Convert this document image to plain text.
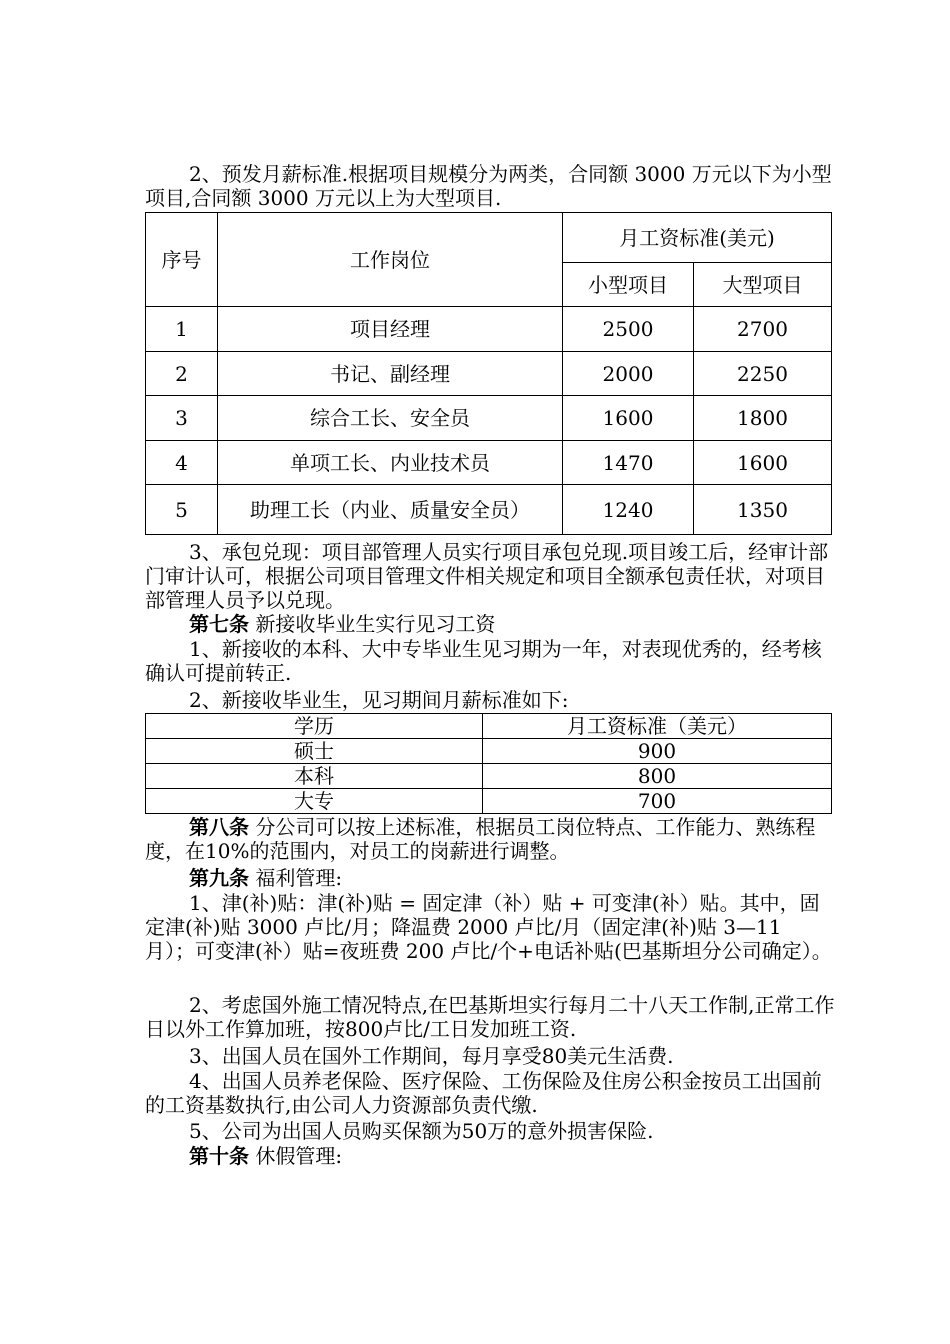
2、预发月薪标准.根据项目规模分为两类，合同额 3000 万元以下为小型项目,合同额 3000 万元以上为大型项目.

序号	工作岗位	月工资标准(美元)	
		小型项目	大型项目
1	项目经理	2500	2700
2	书记、副经理	2000	2250
3	综合工长、安全员	1600	1800
4	单项工长、内业技术员	1470	1600
5	助理工长（内业、质量安全员）	1240	1350

3、承包兑现：项目部管理人员实行项目承包兑现.项目竣工后，经审计部门审计认可，根据公司项目管理文件相关规定和项目全额承包责任状，对项目部管理人员予以兑现。

第七条 新接收毕业生实行见习工资

1、新接收的本科、大中专毕业生见习期为一年，对表现优秀的，经考核确认可提前转正.

2、新接收毕业生，见习期间月薪标准如下:

学历	月工资标准（美元）
硕士	900
本科	800
大专	700

第八条 分公司可以按上述标准，根据员工岗位特点、工作能力、熟练程度，在10%的范围内，对员工的岗薪进行调整。

第九条 福利管理:

1、津(补)贴：津(补)贴 = 固定津（补）贴 + 可变津(补）贴。其中，固定津(补)贴 3000 卢比/月；降温费 2000 卢比/月（固定津(补)贴 3—11 月）；可变津(补）贴=夜班费 200 卢比/个+电话补贴(巴基斯坦分公司确定）。

2、考虑国外施工情况特点,在巴基斯坦实行每月二十八天工作制,正常工作日以外工作算加班，按800卢比/工日发加班工资.

3、出国人员在国外工作期间，每月享受80美元生活费.

4、出国人员养老保险、医疗保险、工伤保险及住房公积金按员工出国前的工资基数执行,由公司人力资源部负责代缴.

5、公司为出国人员购买保额为50万的意外损害保险.

第十条 休假管理:
